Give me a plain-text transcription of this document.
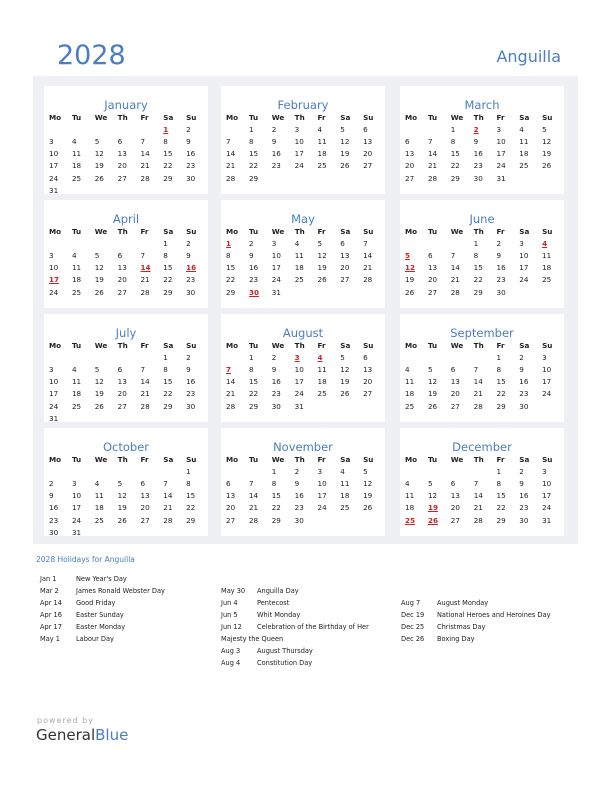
2028	Anguilla
2028 Holidays for Anguilla
Jan 1	New Year's Day
Mar 2	James Ronald Webster Day
Apr 14 Good Friday
Apr 16 Easter Sunday
Apr 17 Easter Monday
May 1 Labour Day
May 30 Anguilla Day
Jun 4	Pentecost
Jun 5	Whit Monday
Jun 12 Celebration of the Birthday of Her
Majesty the Queen
Aug 3	August Thursday
Aug 4	Constitution Day
Aug 7	August Monday
Dec 19 National Heroes and Heroines Day
Dec 25 Christmas Day
Dec 26 Boxing Day
powered by
GeneralBlue
January
Mo	Tu	We	Th	Fr	Sa	Su
					1	2
3	4	5	6	7	8	9
10	11	12	13	14	15	16
17	18	19	20	21	22	23
24	25	26	27	28	29	30
31						
February
Mo	Tu	We	Th	Fr	Sa	Su
	1	2	3	4	5	6
7	8	9	10	11	12	13
14	15	16	17	18	19	20
21	22	23	24	25	26	27
28	29					
March
Mo	Tu	We	Th	Fr	Sa	Su
		1	2	3	4	5
6	7	8	9	10	11	12
13	14	15	16	17	18	19
20	21	22	23	24	25	26
27	28	29	30	31		
April
Mo	Tu	We	Th	Fr	Sa	Su
					1	2
3	4	5	6	7	8	9
10	11	12	13	14	15	16
17	18	19	20	21	22	23
24	25	26	27	28	29	30
May
Mo	Tu	We	Th	Fr	Sa	Su
1	2	3	4	5	6	7
8	9	10	11	12	13	14
15	16	17	18	19	20	21
22	23	24	25	26	27	28
29	30	31				
June
Mo	Tu	We	Th	Fr	Sa	Su
			1	2	3	4
5	6	7	8	9	10	11
12	13	14	15	16	17	18
19	20	21	22	23	24	25
26	27	28	29	30		
July
Mo	Tu	We	Th	Fr	Sa	Su
					1	2
3	4	5	6	7	8	9
10	11	12	13	14	15	16
17	18	19	20	21	22	23
24	25	26	27	28	29	30
31						
August
Mo	Tu	We	Th	Fr	Sa	Su
	1	2	3	4	5	6
7	8	9	10	11	12	13
14	15	16	17	18	19	20
21	22	23	24	25	26	27
28	29	30	31			
September
Mo	Tu	We	Th	Fr	Sa	Su
				1	2	3
4	5	6	7	8	9	10
11	12	13	14	15	16	17
18	19	20	21	22	23	24
25	26	27	28	29	30	
October
Mo	Tu	We	Th	Fr	Sa	Su
						1
2	3	4	5	6	7	8
9	10	11	12	13	14	15
16	17	18	19	20	21	22
23	24	25	26	27	28	29
30	31					
November
Mo	Tu	We	Th	Fr	Sa	Su
		1	2	3	4	5
6	7	8	9	10	11	12
13	14	15	16	17	18	19
20	21	22	23	24	25	26
27	28	29	30			
December
Mo	Tu	We	Th	Fr	Sa	Su
				1	2	3
4	5	6	7	8	9	10
11	12	13	14	15	16	17
18	19	20	21	22	23	24
25	26	27	28	29	30	31
